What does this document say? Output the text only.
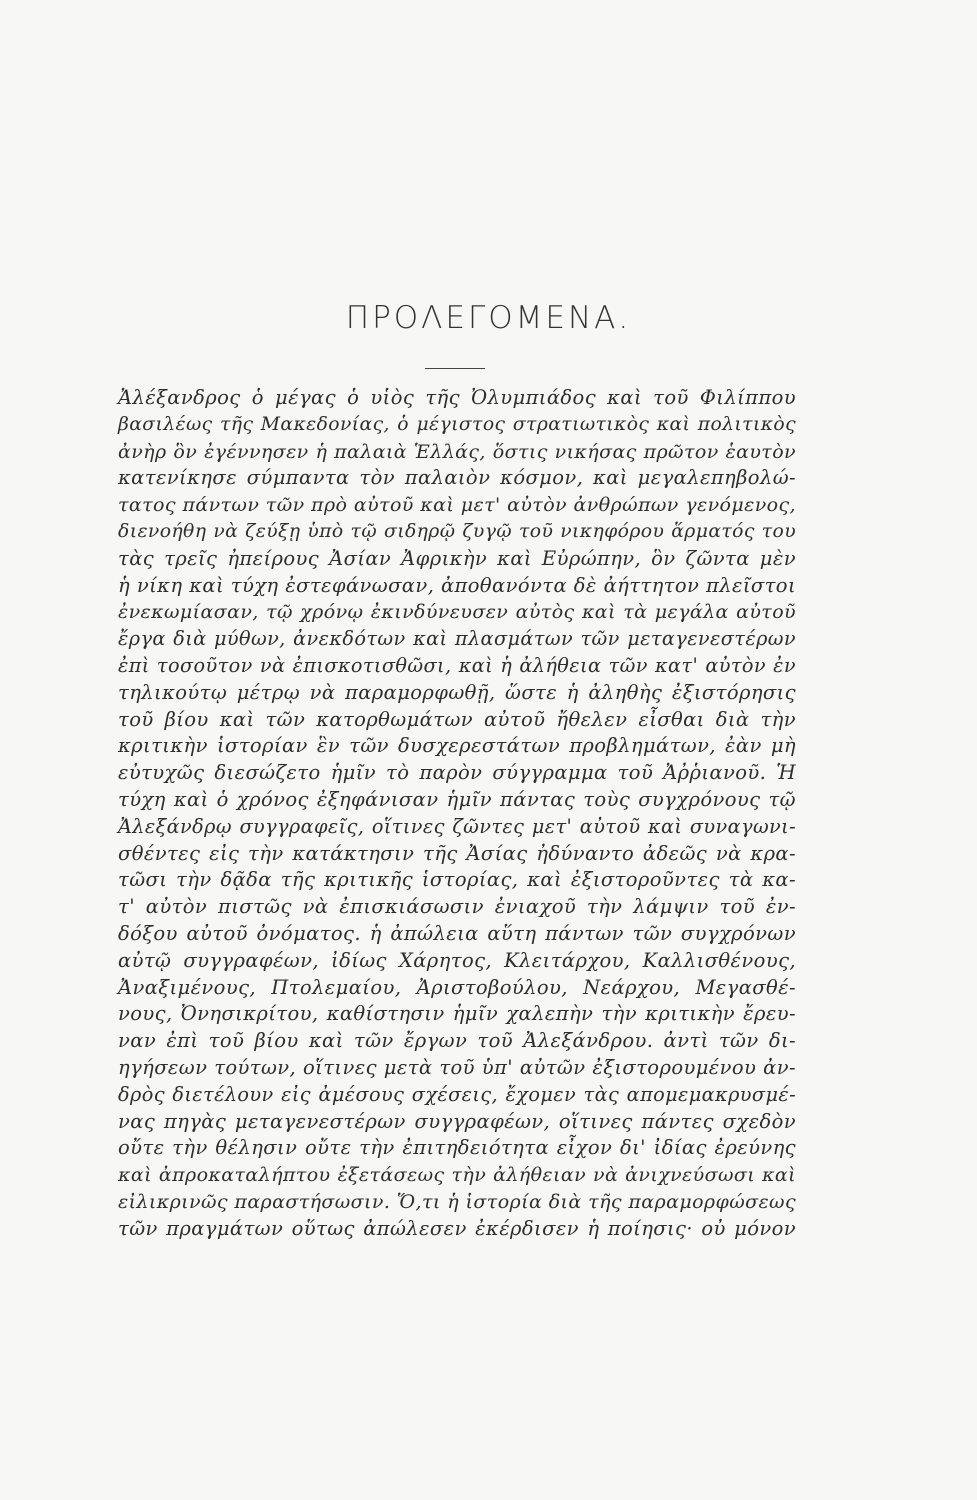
ΠΡΟΛΕΓΟΜΕΝΑ.
Ἀλέξανδρος ὁ μέγας ὁ υἱὸς τῆς Ὀλυμπιάδος καὶ τοῦ Φιλίππου
βασιλέως τῆς Μακεδονίας, ὁ μέγιστος στρατιωτικὸς καὶ πολιτικὸς
ἀνὴρ ὃν ἐγέννησεν ἡ παλαιὰ Ἑλλάς, ὅστις νικήσας πρῶτον ἑαυτὸν
κατενίκησε σύμπαντα τὸν παλαιὸν κόσμον, καὶ μεγαλεπηβολώ-
τατος πάντων τῶν πρὸ αὐτοῦ καὶ μετ' αὐτὸν ἀνθρώπων γενόμενος,
διενοήθη νὰ ζεύξῃ ὑπὸ τῷ σιδηρῷ ζυγῷ τοῦ νικηφόρου ἅρματός του
τὰς τρεῖς ἠπείρους Ἀσίαν Ἀφρικὴν καὶ Εὐρώπην, ὃν ζῶντα μὲν
ἡ νίκη καὶ τύχη ἐστεφάνωσαν, ἀποθανόντα δὲ ἀήττητον πλεῖστοι
ἐνεκωμίασαν, τῷ χρόνῳ ἐκινδύνευσεν αὐτὸς καὶ τὰ μεγάλα αὐτοῦ
ἔργα διὰ μύθων, ἀνεκδότων καὶ πλασμάτων τῶν μεταγενεστέρων
ἐπὶ τοσοῦτον νὰ ἐπισκοτισθῶσι, καὶ ἡ ἀλήθεια τῶν κατ' αὐτὸν ἐν
τηλικούτῳ μέτρῳ νὰ παραμορφωθῇ, ὥστε ἡ ἀληθὴς ἐξιστόρησις
τοῦ βίου καὶ τῶν κατορθωμάτων αὐτοῦ ἤθελεν εἶσθαι διὰ τὴν
κριτικὴν ἱστορίαν ἓν τῶν δυσχερεστάτων προβλημάτων, ἐὰν μὴ
εὐτυχῶς διεσώζετο ἡμῖν τὸ παρὸν σύγγραμμα τοῦ Ἀῤῥιανοῦ. Ἡ
τύχη καὶ ὁ χρόνος ἐξηφάνισαν ἡμῖν πάντας τοὺς συγχρόνους τῷ
Ἀλεξάνδρῳ συγγραφεῖς, οἵτινες ζῶντες μετ' αὐτοῦ καὶ συναγωνι-
σθέντες εἰς τὴν κατάκτησιν τῆς Ἀσίας ἠδύναντο ἀδεῶς νὰ κρα-
τῶσι τὴν δᾷδα τῆς κριτικῆς ἱστορίας, καὶ ἐξιστοροῦντες τὰ κα-
τ' αὐτὸν πιστῶς νὰ ἐπισκιάσωσιν ἐνιαχοῦ τὴν λάμψιν τοῦ ἐν-
δόξου αὐτοῦ ὀνόματος. ἡ ἀπώλεια αὕτη πάντων τῶν συγχρόνων
αὐτῷ συγγραφέων, ἰδίως Χάρητος, Κλειτάρχου, Καλλισθένους,
Ἀναξιμένους, Πτολεμαίου, Ἀριστοβούλου, Νεάρχου, Μεγασθέ-
νους, Ὀνησικρίτου, καθίστησιν ἡμῖν χαλεπὴν τὴν κριτικὴν ἔρευ-
ναν ἐπὶ τοῦ βίου καὶ τῶν ἔργων τοῦ Ἀλεξάνδρου. ἀντὶ τῶν δι-
ηγήσεων τούτων, οἵτινες μετὰ τοῦ ὑπ' αὐτῶν ἐξιστορουμένου ἀν-
δρὸς διετέλουν εἰς ἀμέσους σχέσεις, ἔχομεν τὰς απομεμακρυσμέ-
νας πηγὰς μεταγενεστέρων συγγραφέων, οἵτινες πάντες σχεδὸν
οὔτε τὴν θέλησιν οὔτε τὴν ἐπιτηδειότητα εἶχον δι' ἰδίας ἐρεύνης
καὶ ἀπροκαταλήπτου ἐξετάσεως τὴν ἀλήθειαν νὰ ἀνιχνεύσωσι καὶ
εἰλικρινῶς παραστήσωσιν. Ὅ,τι ἡ ἱστορία διὰ τῆς παραμορφώσεως
τῶν πραγμάτων οὕτως ἀπώλεσεν ἐκέρδισεν ἡ ποίησις· οὐ μόνον
